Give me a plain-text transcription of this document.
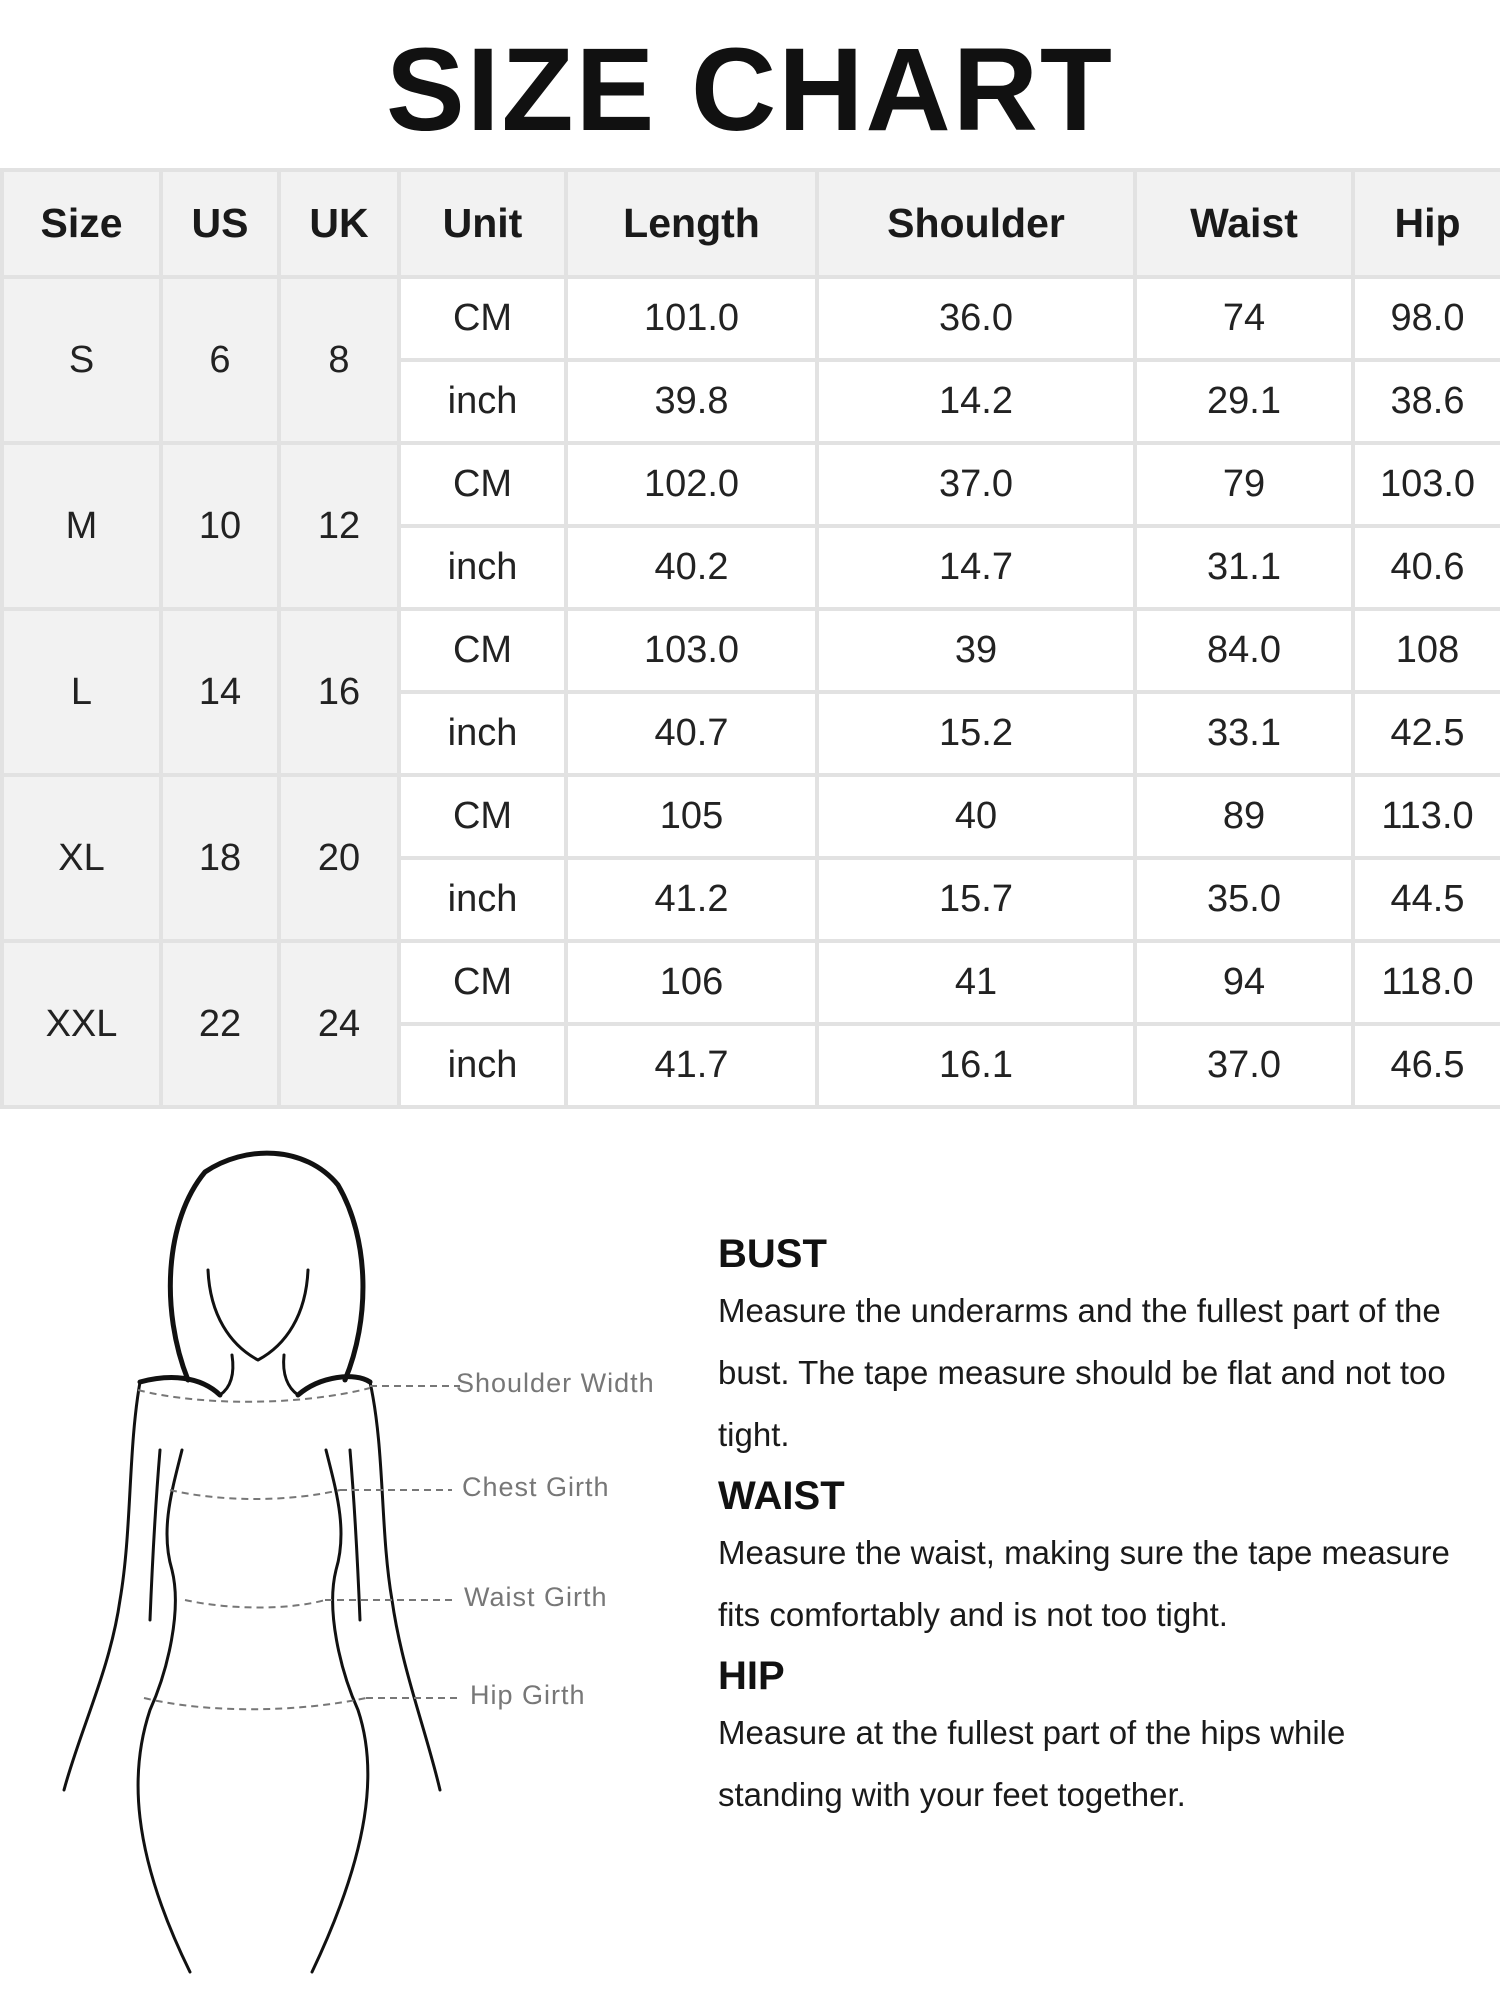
SIZE CHART
Size	US	UK	Unit	Length	Shoulder	Waist	Hip
S	6	8	CM	101.0	36.0	74	98.0
			inch	39.8	14.2	29.1	38.6
M	10	12	CM	102.0	37.0	79	103.0
			inch	40.2	14.7	31.1	40.6
L	14	16	CM	103.0	39	84.0	108
			inch	40.7	15.2	33.1	42.5
XL	18	20	CM	105	40	89	113.0
			inch	41.2	15.7	35.0	44.5
XXL	22	24	CM	106	41	94	118.0
			inch	41.7	16.1	37.0	46.5
Shoulder Width
Chest Girth
Waist Girth
Hip Girth

BUST

Measure the underarms and the fullest part of the bust. The tape measure should be flat and not too tight.

WAIST

Measure the waist, making sure the tape measure fits comfortably and is not too tight.

HIP

Measure at the fullest part of the hips while standing with your feet together.
